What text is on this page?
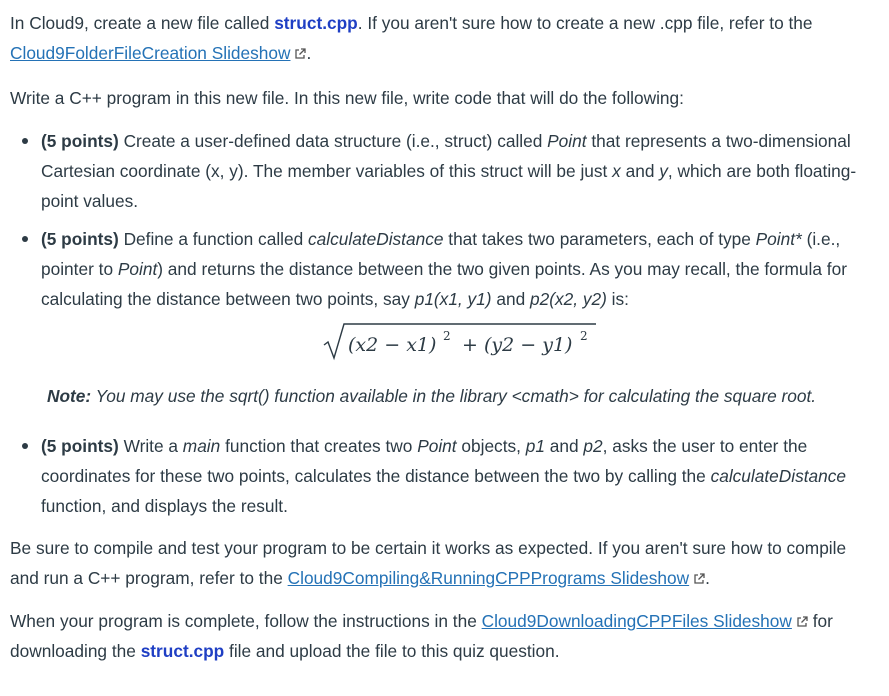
In Cloud9, create a new file called struct.cpp. If you aren't sure how to create a new .cpp file, refer to the Cloud9FolderFileCreation Slideshow .

Write a C++ program in this new file. In this new file, write code that will do the following:

(5 points) Create a user-defined data structure (i.e., struct) called Point that represents a two-dimensional Cartesian coordinate (x, y). The member variables of this struct will be just x and y, which are both floating-point values.
(5 points) Define a function called calculateDistance that takes two parameters, each of type Point* (i.e., pointer to Point) and returns the distance between the two given points. As you may recall, the formula for calculating the distance between two points, say p1(x1, y1) and p2(x2, y2) is:
(x2 − x1) 2 + (y2 − y1) 2

Note: You may use the sqrt() function available in the library <cmath> for calculating the square root.

(5 points) Write a main function that creates two Point objects, p1 and p2, asks the user to enter the coordinates for these two points, calculates the distance between the two by calling the calculateDistance function, and displays the result.

Be sure to compile and test your program to be certain it works as expected. If you aren't sure how to compile and run a C++ program, refer to the Cloud9Compiling&RunningCPPPrograms Slideshow .

When your program is complete, follow the instructions in the Cloud9DownloadingCPPFiles Slideshow for downloading the struct.cpp file and upload the file to this quiz question.
